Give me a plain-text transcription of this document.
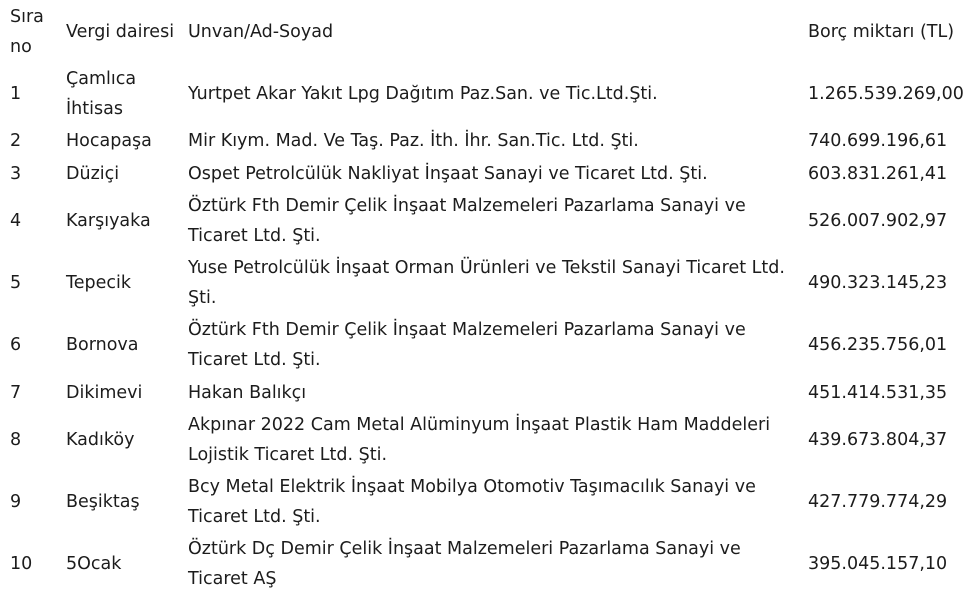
Sıra no	Vergi dairesi	Unvan/Ad-Soyad	Borç miktarı (TL)
1	Çamlıca İhtisas	Yurtpet Akar Yakıt Lpg Dağıtım Paz.San. ve Tic.Ltd.Şti.	1.265.539.269,00
2	Hocapaşa	Mir Kıym. Mad. Ve Taş. Paz. İth. İhr. San.Tic. Ltd. Şti.	740.699.196,61
3	Düziçi	Ospet Petrolcülük Nakliyat İnşaat Sanayi ve Ticaret Ltd. Şti.	603.831.261,41
4	Karşıyaka	Öztürk Fth Demir Çelik İnşaat Malzemeleri Pazarlama Sanayi ve Ticaret Ltd. Şti.	526.007.902,97
5	Tepecik	Yuse Petrolcülük İnşaat Orman Ürünleri ve Tekstil Sanayi Ticaret Ltd. Şti.	490.323.145,23
6	Bornova	Öztürk Fth Demir Çelik İnşaat Malzemeleri Pazarlama Sanayi ve Ticaret Ltd. Şti.	456.235.756,01
7	Dikimevi	Hakan Balıkçı	451.414.531,35
8	Kadıköy	Akpınar 2022 Cam Metal Alüminyum İnşaat Plastik Ham Maddeleri Lojistik Ticaret Ltd. Şti.	439.673.804,37
9	Beşiktaş	Bcy Metal Elektrik İnşaat Mobilya Otomotiv Taşımacılık Sanayi ve Ticaret Ltd. Şti.	427.779.774,29
10	5Ocak	Öztürk Dç Demir Çelik İnşaat Malzemeleri Pazarlama Sanayi ve Ticaret AŞ	395.045.157,10
